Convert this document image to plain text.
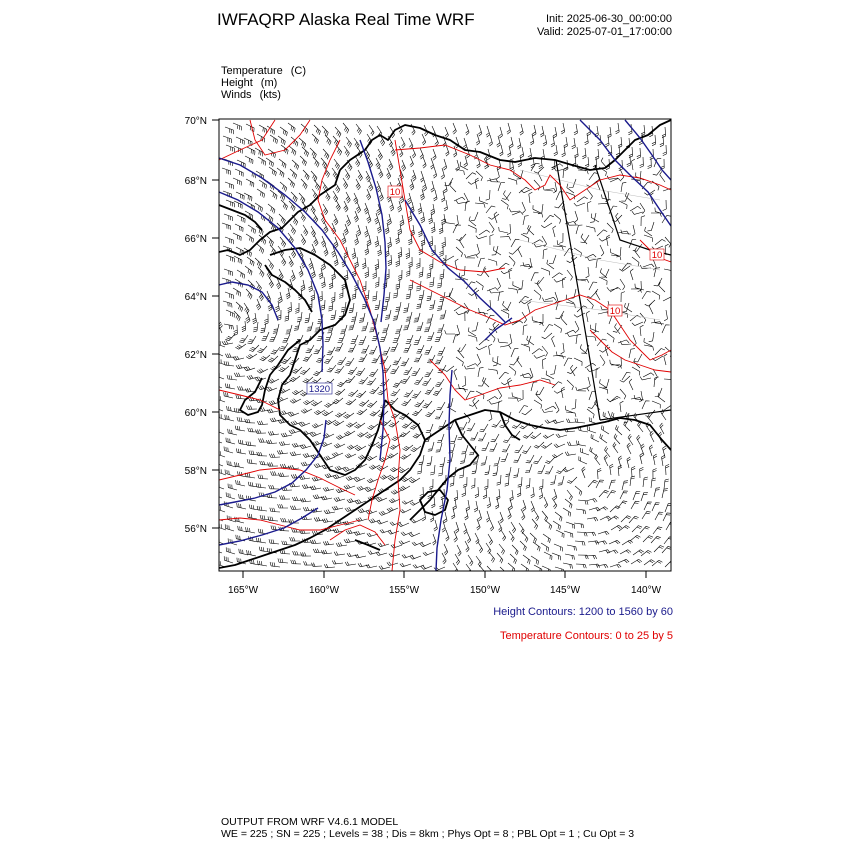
IWFAQRP Alaska Real Time WRF	Init: 2025-06-30_00:00:00
Valid: 2025-07-01_17:00:00
Temperature (C)
Height (m)
Winds (kts)
1320
10
10
10
70°N
68°N
66°N
64°N
62°N
60°N
58°N
56°N
165°W	160°W	155°W	150°W	145°W	140°W
Height Contours: 1200 to 1560 by 60
Temperature Contours: 0 to 25 by 5
OUTPUT FROM WRF V4.6.1 MODEL
WE = 225 ; SN = 225 ; Levels = 38 ; Dis = 8km ; Phys Opt = 8 ; PBL Opt = 1 ; Cu Opt = 3
